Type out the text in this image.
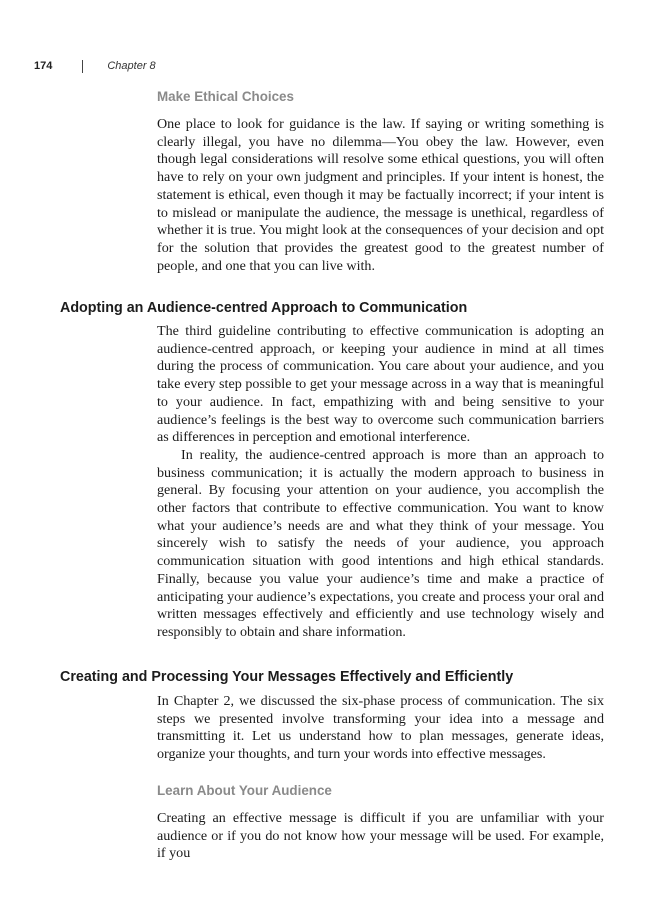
174	Chapter 8
Make Ethical Choices

One place to look for guidance is the law. If saying or writing something is clearly illegal, you have no dilemma—You obey the law. However, even though legal considerations will resolve some ethical questions, you will often have to rely on your own judgment and principles. If your intent is honest, the statement is ethical, even though it may be factually incorrect; if your intent is to mislead or manipulate the audience, the message is unethical, regardless of whether it is true. You might look at the consequences of your decision and opt for the solution that provides the greatest good to the greatest number of people, and one that you can live with.

Adopting an Audience-centred Approach to Communication

The third guideline contributing to effective communication is adopting an audience-centred approach, or keeping your audience in mind at all times during the process of communication. You care about your audience, and you take every step possible to get your message across in a way that is meaningful to your audience. In fact, empathizing with and being sensitive to your audience’s feelings is the best way to overcome such communication barriers as differences in perception and emotional interference.

In reality, the audience-centred approach is more than an approach to business communication; it is actually the modern approach to business in general. By focusing your attention on your audience, you accomplish the other factors that contribute to effective communication. You want to know what your audience’s needs are and what they think of your message. You sincerely wish to satisfy the needs of your audience, you approach communication situation with good intentions and high ethical standards. Finally, because you value your audience’s time and make a practice of anticipating your audience’s expectations, you create and process your oral and written messages effectively and efficiently and use technology wisely and responsibly to obtain and share information.

Creating and Processing Your Messages Effectively and Efficiently

In Chapter 2, we discussed the six-phase process of communication. The six steps we presented involve transforming your idea into a message and transmitting it. Let us understand how to plan messages, generate ideas, organize your thoughts, and turn your words into effective messages.

Learn About Your Audience

Creating an effective message is difficult if you are unfamiliar with your audience or if you do not know how your message will be used. For example, if you
